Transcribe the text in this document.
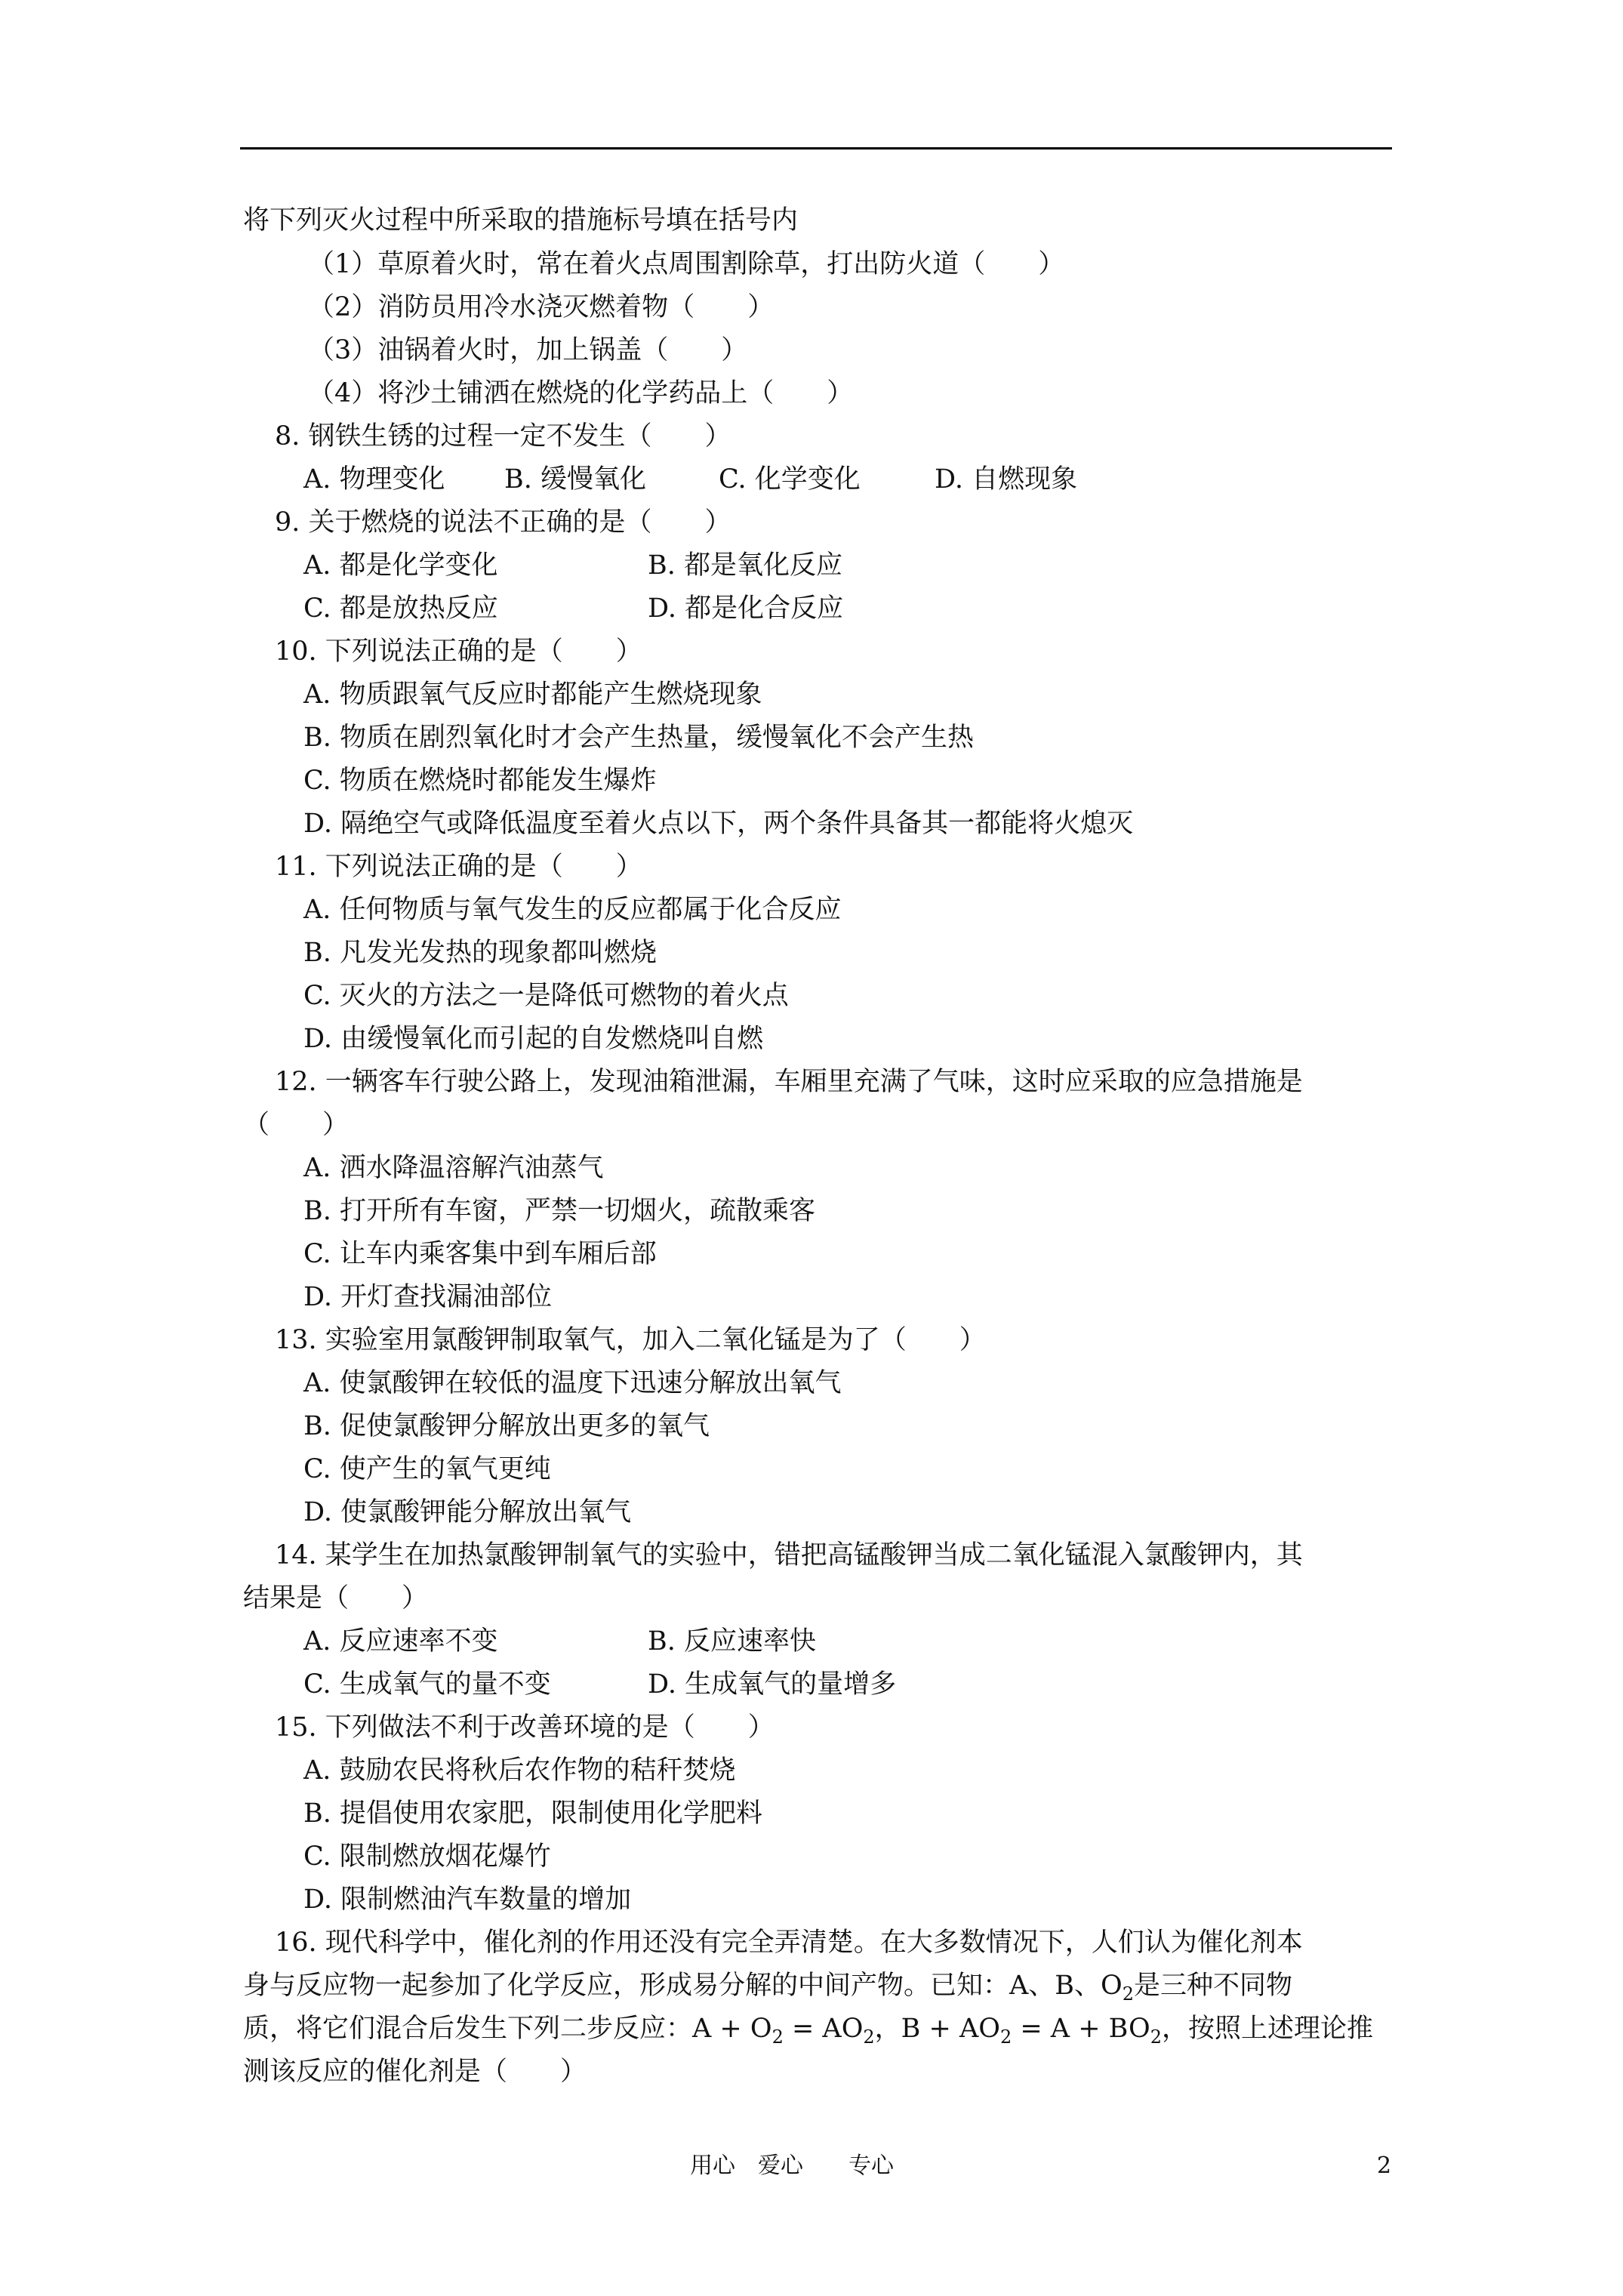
将下列灭火过程中所采取的措施标号填在括号内
（1）草原着火时，常在着火点周围割除草，打出防火道（　　）
（2）消防员用冷水浇灭燃着物（　　）
（3）油锅着火时，加上锅盖（　　）
（4）将沙土铺洒在燃烧的化学药品上（　　）
8. 钢铁生锈的过程一定不发生（　　）
A. 物理变化 B. 缓慢氧化	C. 化学变化	D. 自燃现象
9. 关于燃烧的说法不正确的是（　　）
A. 都是化学变化	B. 都是氧化反应
C. 都是放热反应	D. 都是化合反应
10. 下列说法正确的是（　　）
A. 物质跟氧气反应时都能产生燃烧现象
B. 物质在剧烈氧化时才会产生热量，缓慢氧化不会产生热
C. 物质在燃烧时都能发生爆炸
D. 隔绝空气或降低温度至着火点以下，两个条件具备其一都能将火熄灭
11. 下列说法正确的是（　　）
A. 任何物质与氧气发生的反应都属于化合反应
B. 凡发光发热的现象都叫燃烧
C. 灭火的方法之一是降低可燃物的着火点
D. 由缓慢氧化而引起的自发燃烧叫自燃
12. 一辆客车行驶公路上，发现油箱泄漏，车厢里充满了气味，这时应采取的应急措施是
（　　）
A. 洒水降温溶解汽油蒸气
B. 打开所有车窗，严禁一切烟火，疏散乘客
C. 让车内乘客集中到车厢后部
D. 开灯查找漏油部位
13. 实验室用氯酸钾制取氧气，加入二氧化锰是为了（　　）
A. 使氯酸钾在较低的温度下迅速分解放出氧气
B. 促使氯酸钾分解放出更多的氧气
C. 使产生的氧气更纯
D. 使氯酸钾能分解放出氧气
14. 某学生在加热氯酸钾制氧气的实验中，错把高锰酸钾当成二氧化锰混入氯酸钾内，其
结果是（　　）
A. 反应速率不变	B. 反应速率快
C. 生成氧气的量不变	D. 生成氧气的量增多
15. 下列做法不利于改善环境的是（　　）
A. 鼓励农民将秋后农作物的秸秆焚烧
B. 提倡使用农家肥，限制使用化学肥料
C. 限制燃放烟花爆竹
D. 限制燃油汽车数量的增加
16. 现代科学中，催化剂的作用还没有完全弄清楚。在大多数情况下，人们认为催化剂本
身与反应物一起参加了化学反应，形成易分解的中间产物。已知：A、B、$O_2$是三种不同物
质，将它们混合后发生下列二步反应：$A + O_2 = AO_2$，$B + AO_2 = A + BO_2$，按照上述理论推
测该反应的催化剂是（　　）
用心　爱心　　专心	2
